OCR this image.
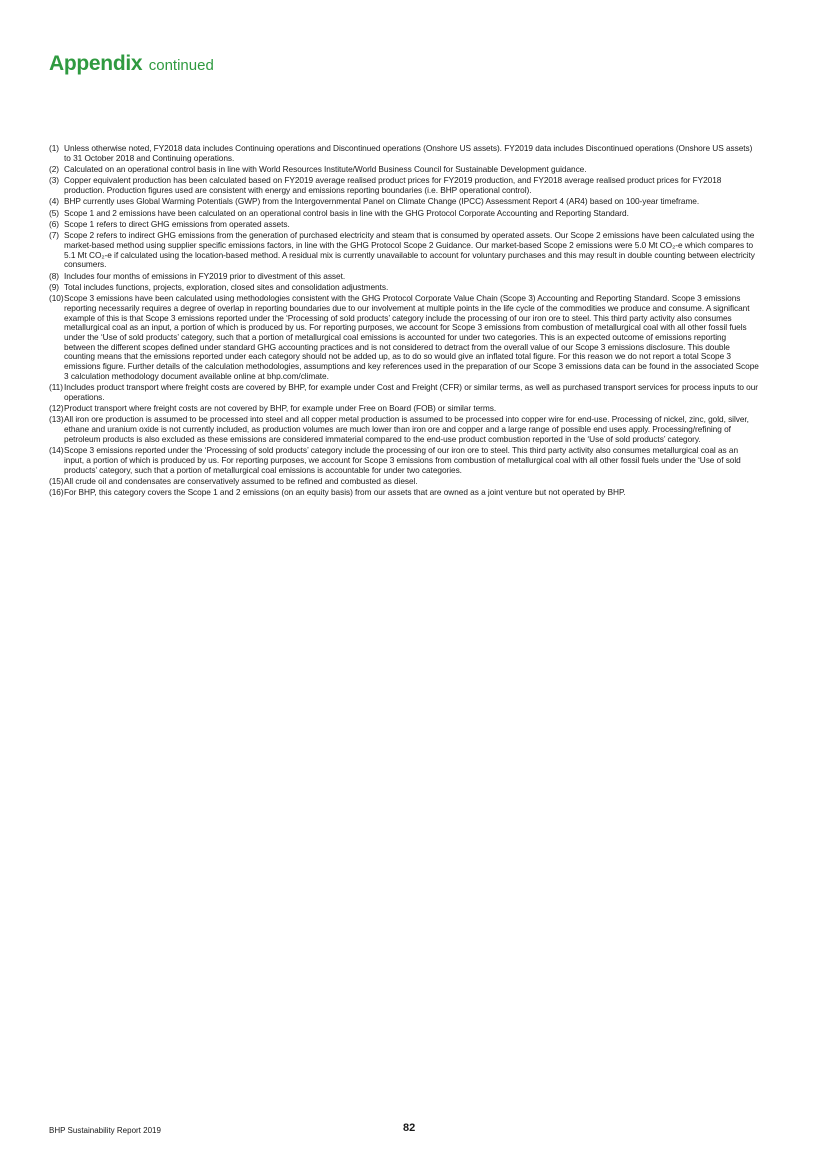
Appendix continued
(1) Unless otherwise noted, FY2018 data includes Continuing operations and Discontinued operations (Onshore US assets). FY2019 data includes Discontinued operations (Onshore US assets) to 31 October 2018 and Continuing operations.
(2) Calculated on an operational control basis in line with World Resources Institute/World Business Council for Sustainable Development guidance.
(3) Copper equivalent production has been calculated based on FY2019 average realised product prices for FY2019 production, and FY2018 average realised product prices for FY2018 production. Production figures used are consistent with energy and emissions reporting boundaries (i.e. BHP operational control).
(4) BHP currently uses Global Warming Potentials (GWP) from the Intergovernmental Panel on Climate Change (IPCC) Assessment Report 4 (AR4) based on 100-year timeframe.
(5) Scope 1 and 2 emissions have been calculated on an operational control basis in line with the GHG Protocol Corporate Accounting and Reporting Standard.
(6) Scope 1 refers to direct GHG emissions from operated assets.
(7) Scope 2 refers to indirect GHG emissions from the generation of purchased electricity and steam that is consumed by operated assets. Our Scope 2 emissions have been calculated using the market-based method using supplier specific emissions factors, in line with the GHG Protocol Scope 2 Guidance. Our market-based Scope 2 emissions were 5.0 Mt CO₂-e which compares to 5.1 Mt CO₂-e if calculated using the location-based method. A residual mix is currently unavailable to account for voluntary purchases and this may result in double counting between electricity consumers.
(8) Includes four months of emissions in FY2019 prior to divestment of this asset.
(9) Total includes functions, projects, exploration, closed sites and consolidation adjustments.
(10) Scope 3 emissions have been calculated using methodologies consistent with the GHG Protocol Corporate Value Chain (Scope 3) Accounting and Reporting Standard. Scope 3 emissions reporting necessarily requires a degree of overlap in reporting boundaries due to our involvement at multiple points in the life cycle of the commodities we produce and consume. A significant example of this is that Scope 3 emissions reported under the ‘Processing of sold products’ category include the processing of our iron ore to steel. This third party activity also consumes metallurgical coal as an input, a portion of which is produced by us. For reporting purposes, we account for Scope 3 emissions from combustion of metallurgical coal with all other fossil fuels under the ‘Use of sold products’ category, such that a portion of metallurgical coal emissions is accounted for under two categories. This is an expected outcome of emissions reporting between the different scopes defined under standard GHG accounting practices and is not considered to detract from the overall value of our Scope 3 emissions disclosure. This double counting means that the emissions reported under each category should not be added up, as to do so would give an inflated total figure. For this reason we do not report a total Scope 3 emissions figure. Further details of the calculation methodologies, assumptions and key references used in the preparation of our Scope 3 emissions data can be found in the associated Scope 3 calculation methodology document available online at bhp.com/climate.
(11) Includes product transport where freight costs are covered by BHP, for example under Cost and Freight (CFR) or similar terms, as well as purchased transport services for process inputs to our operations.
(12) Product transport where freight costs are not covered by BHP, for example under Free on Board (FOB) or similar terms.
(13) All iron ore production is assumed to be processed into steel and all copper metal production is assumed to be processed into copper wire for end-use. Processing of nickel, zinc, gold, silver, ethane and uranium oxide is not currently included, as production volumes are much lower than iron ore and copper and a large range of possible end uses apply. Processing/refining of petroleum products is also excluded as these emissions are considered immaterial compared to the end-use product combustion reported in the ‘Use of sold products’ category.
(14) Scope 3 emissions reported under the ‘Processing of sold products’ category include the processing of our iron ore to steel. This third party activity also consumes metallurgical coal as an input, a portion of which is produced by us. For reporting purposes, we account for Scope 3 emissions from combustion of metallurgical coal with all other fossil fuels under the ‘Use of sold products’ category, such that a portion of metallurgical coal emissions is accountable for under two categories.
(15) All crude oil and condensates are conservatively assumed to be refined and combusted as diesel.
(16) For BHP, this category covers the Scope 1 and 2 emissions (on an equity basis) from our assets that are owned as a joint venture but not operated by BHP.
BHP Sustainability Report 2019	82
